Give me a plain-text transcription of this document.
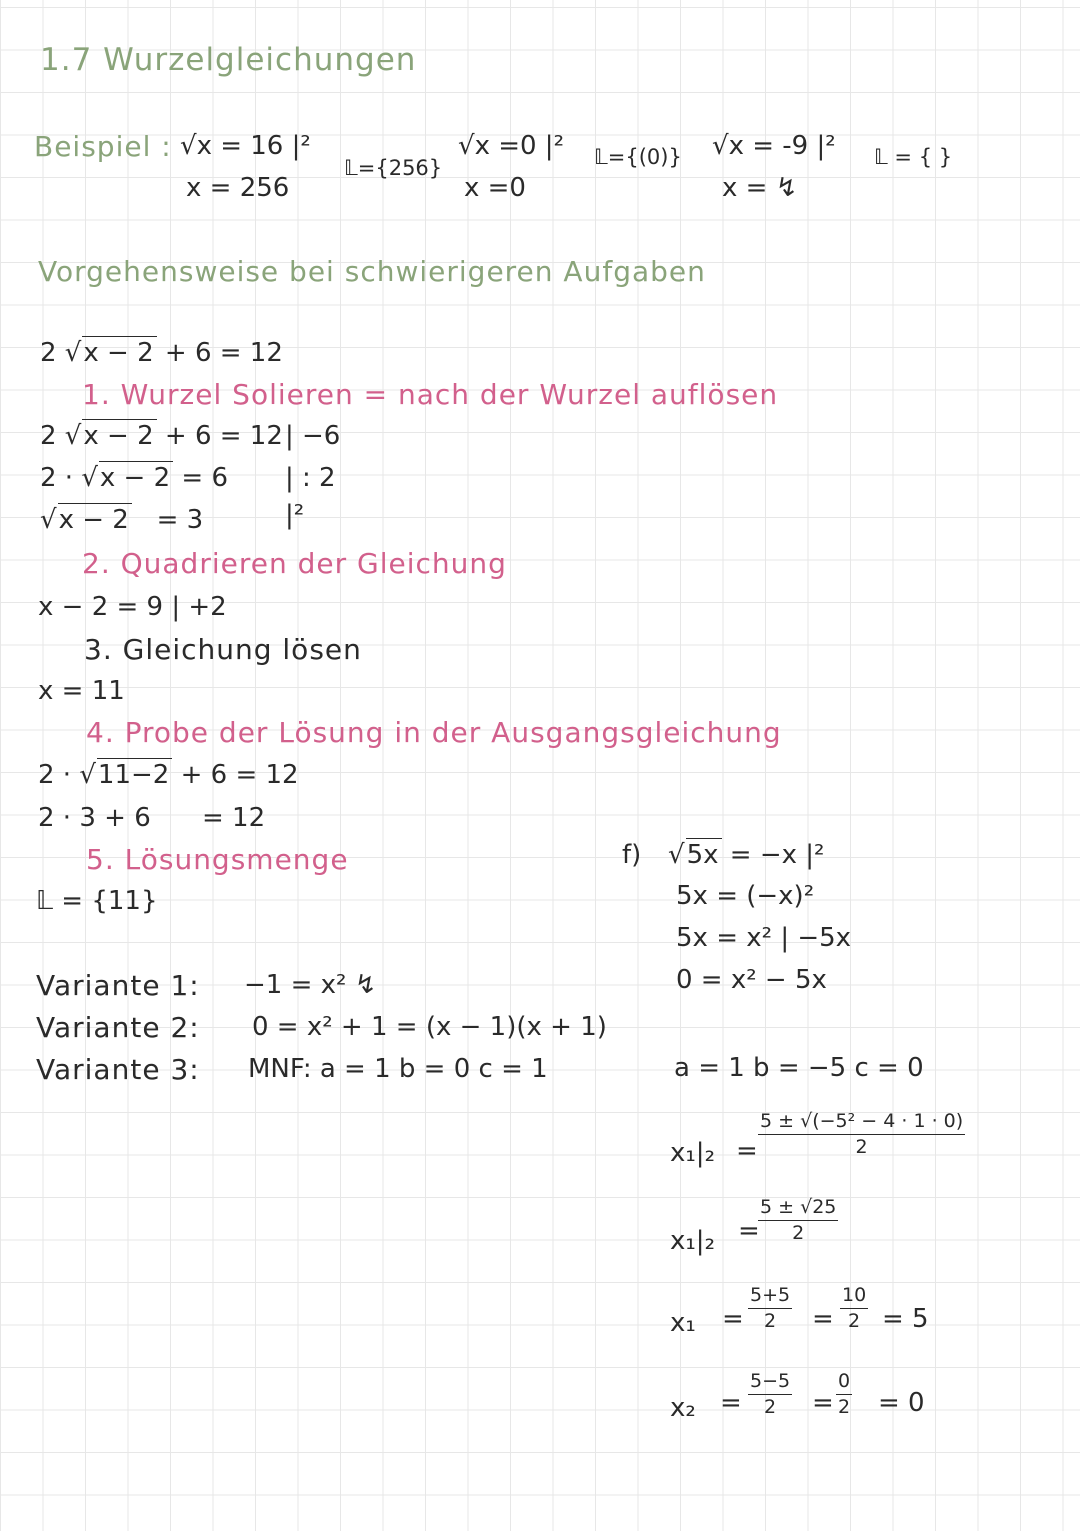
1.7 Wurzelgleichungen
Beispiel : √x = 16 |²
x = 256
𝕃={256}
√x =0 |²
x =0
𝕃={(0)} √x = -9 |²
x = ↯
𝕃 = { }
Vorgehensweise bei schwierigeren Aufgaben
2 √x − 2 + 6 = 12
1. Wurzel Solieren = nach der Wurzel auflösen
2 √x − 2 + 6 = 12 | −6
2 · √x − 2 = 6 | : 2
√x − 2 = 3	|²
2. Quadrieren der Gleichung
x − 2 = 9 | +2
3. Gleichung lösen
x = 11
4. Probe der Lösung in der Ausgangsgleichung
2 · √11−2 + 6 = 12
2 · 3 + 6 = 12
5. Lösungsmenge
𝕃 = {11}
Variante 1: −1 = x² ↯
Variante 2: 0 = x² + 1 = (x − 1)(x + 1)
Variante 3: MNF: a = 1 b = 0 c = 1
f) √5x = −x |²
5x = (−x)²
5x = x² | −5x
0 = x² − 5x
a = 1 b = −5 c = 0
$x_1|_2 = \frac{\text{5 ± √(−5² − 4 · 1 · 0)}}{2}$
x₁|₂ =
$\frac{5 \pm √25}{2}$
$x_1 = \frac{5+5}{2} = \frac{10}{2} = 5$
$x_2 = \frac{5-5}{2} = \frac{0}{2} = 0$
